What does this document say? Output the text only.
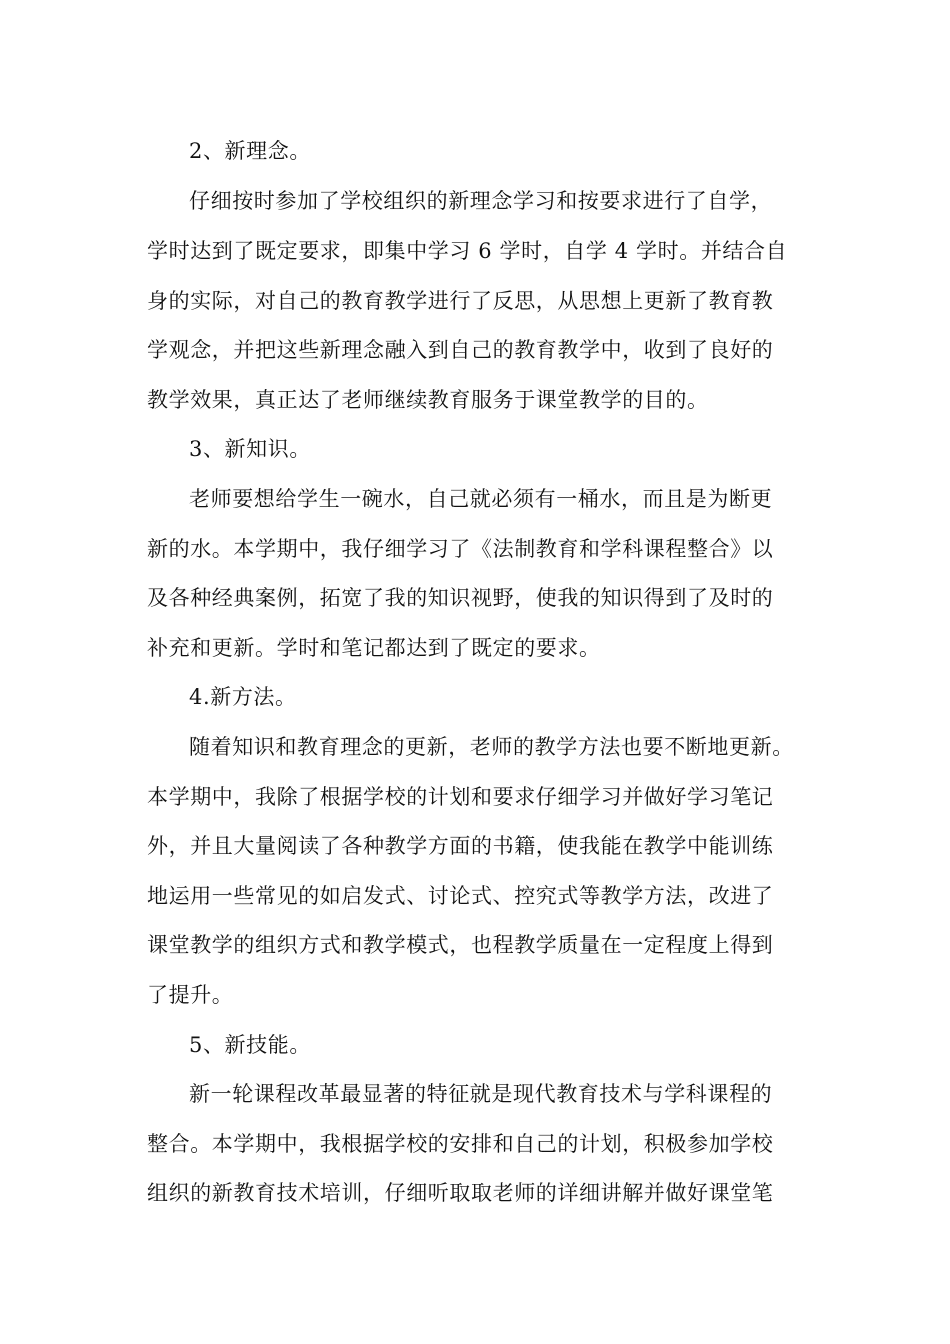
2、新理念。
仔细按时参加了学校组织的新理念学习和按要求进行了自学，
学时达到了既定要求，即集中学习 6 学时，自学 4 学时。并结合自
身的实际，对自己的教育教学进行了反思，从思想上更新了教育教
学观念，并把这些新理念融入到自己的教育教学中，收到了良好的
教学效果，真正达了老师继续教育服务于课堂教学的目的。
3、新知识。
老师要想给学生一碗水，自己就必须有一桶水，而且是为断更
新的水。本学期中，我仔细学习了《法制教育和学科课程整合》以
及各种经典案例，拓宽了我的知识视野，使我的知识得到了及时的
补充和更新。学时和笔记都达到了既定的要求。
4.新方法。
随着知识和教育理念的更新，老师的教学方法也要不断地更新。
本学期中，我除了根据学校的计划和要求仔细学习并做好学习笔记
外，并且大量阅读了各种教学方面的书籍，使我能在教学中能训练
地运用一些常见的如启发式、讨论式、控究式等教学方法，改进了
课堂教学的组织方式和教学模式，也程教学质量在一定程度上得到
了提升。
5、新技能。
新一轮课程改革最显著的特征就是现代教育技术与学科课程的
整合。本学期中，我根据学校的安排和自己的计划，积极参加学校
组织的新教育技术培训，仔细听取取老师的详细讲解并做好课堂笔
